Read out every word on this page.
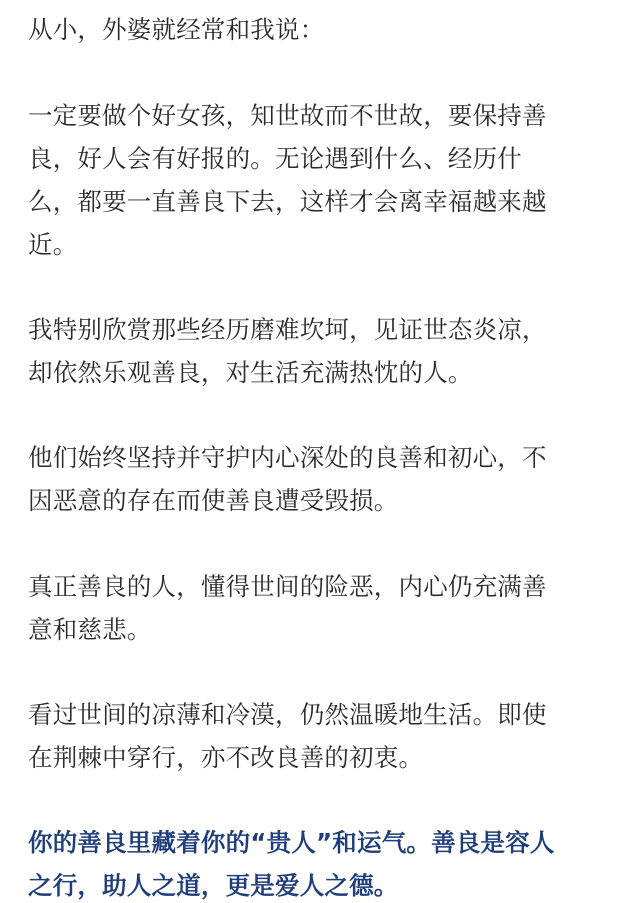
从小，外婆就经常和我说：
一定要做个好女孩，知世故而不世故，要保持善
良，好人会有好报的。无论遇到什么、经历什
么，都要一直善良下去，这样才会离幸福越来越
近。
我特别欣赏那些经历磨难坎坷，见证世态炎凉，
却依然乐观善良，对生活充满热忱的人。
他们始终坚持并守护内心深处的良善和初心，不
因恶意的存在而使善良遭受毁损。
真正善良的人，懂得世间的险恶，内心仍充满善
意和慈悲。
看过世间的凉薄和冷漠，仍然温暖地生活。即使
在荆棘中穿行，亦不改良善的初衷。
你的善良里藏着你的“贵人”和运气。善良是容人
之行，助人之道，更是爱人之德。
